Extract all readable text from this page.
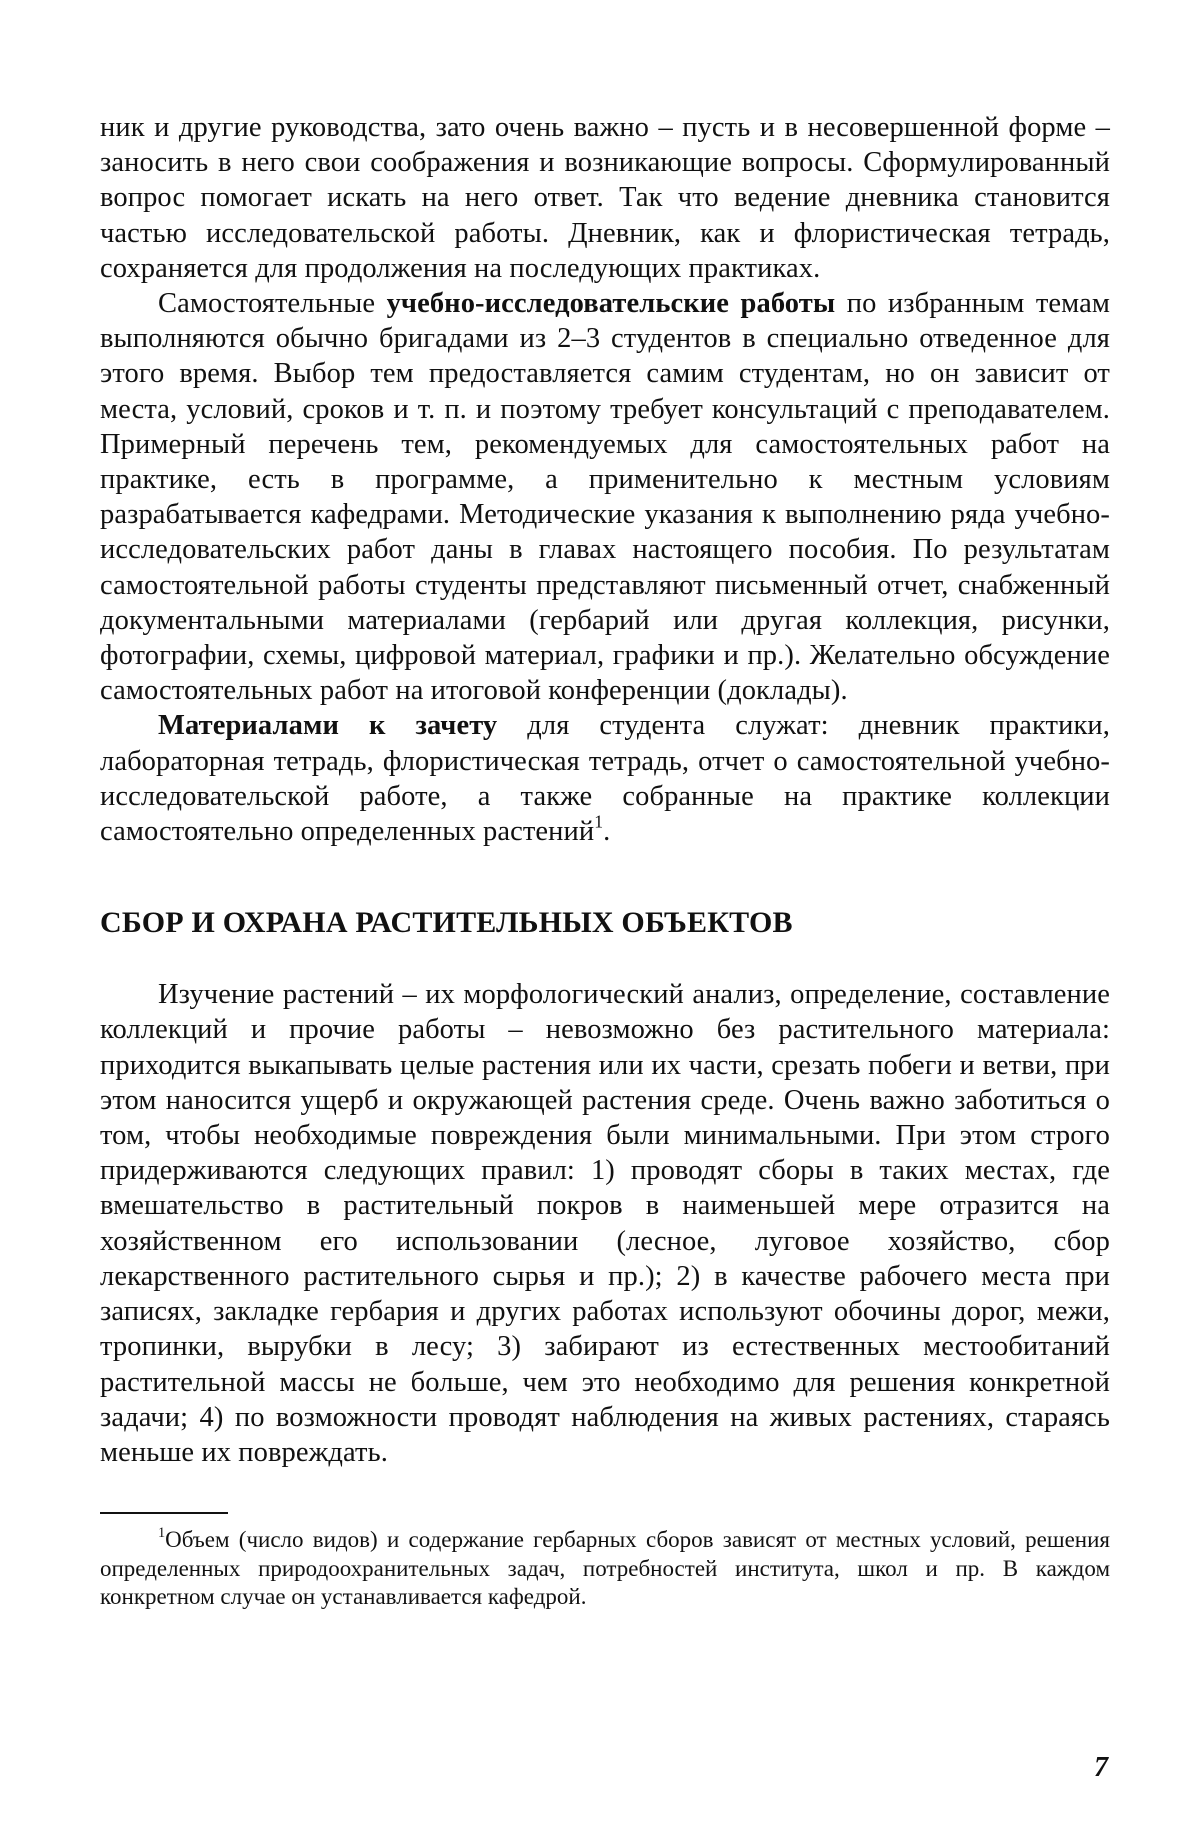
ник и другие руководства, зато очень важно – пусть и в несовершенной форме – заносить в него свои соображения и возникающие вопросы. Сформулированный вопрос помогает искать на него ответ. Так что ведение дневника становится частью исследовательской работы. Дневник, как и флористическая тетрадь, сохраняется для продолжения на последующих практиках.

Самостоятельные учебно-исследовательские работы по избранным темам выполняются обычно бригадами из 2–3 студентов в специально отведенное для этого время. Выбор тем предоставляется самим студентам, но он зависит от места, условий, сроков и т. п. и поэтому требует консультаций с преподавателем. Примерный перечень тем, рекомендуемых для самостоятельных работ на практике, есть в программе, а применительно к местным условиям разрабатывается кафедрами. Методические указания к выполнению ряда учебно-исследовательских работ даны в главах настоящего пособия. По результатам самостоятельной работы студенты представляют письменный отчет, снабженный документальными материалами (гербарий или другая коллекция, рисунки, фотографии, схемы, цифровой материал, графики и пр.). Желательно обсуждение самостоятельных работ на итоговой конференции (доклады).

Материалами к зачету для студента служат: дневник практики, лабораторная тетрадь, флористическая тетрадь, отчет о самостоятельной учебно-исследовательской работе, а также собранные на практике коллекции самостоятельно определенных растений$^1$.

СБОР И ОХРАНА РАСТИТЕЛЬНЫХ ОБЪЕКТОВ

Изучение растений – их морфологический анализ, определение, составление коллекций и прочие работы – невозможно без растительного материала: приходится выкапывать целые растения или их части, срезать побеги и ветви, при этом наносится ущерб и окружающей растения среде. Очень важно заботиться о том, чтобы необходимые повреждения были минимальными. При этом строго придерживаются следующих правил: 1) проводят сборы в таких местах, где вмешательство в растительный покров в наименьшей мере отразится на хозяйственном его использовании (лесное, луговое хозяйство, сбор лекарственного растительного сырья и пр.); 2) в качестве рабочего места при записях, закладке гербария и других работах используют обочины дорог, межи, тропинки, вырубки в лесу; 3) забирают из естественных местообитаний растительной массы не больше, чем это необходимо для решения конкретной задачи; 4) по возможности проводят наблюдения на живых растениях, стараясь меньше их повреждать.

$^1$Объем (число видов) и содержание гербарных сборов зависят от местных условий, решения определенных природоохранительных задач, потребностей института, школ и пр. В каждом конкретном случае он устанавливается кафедрой.

7
